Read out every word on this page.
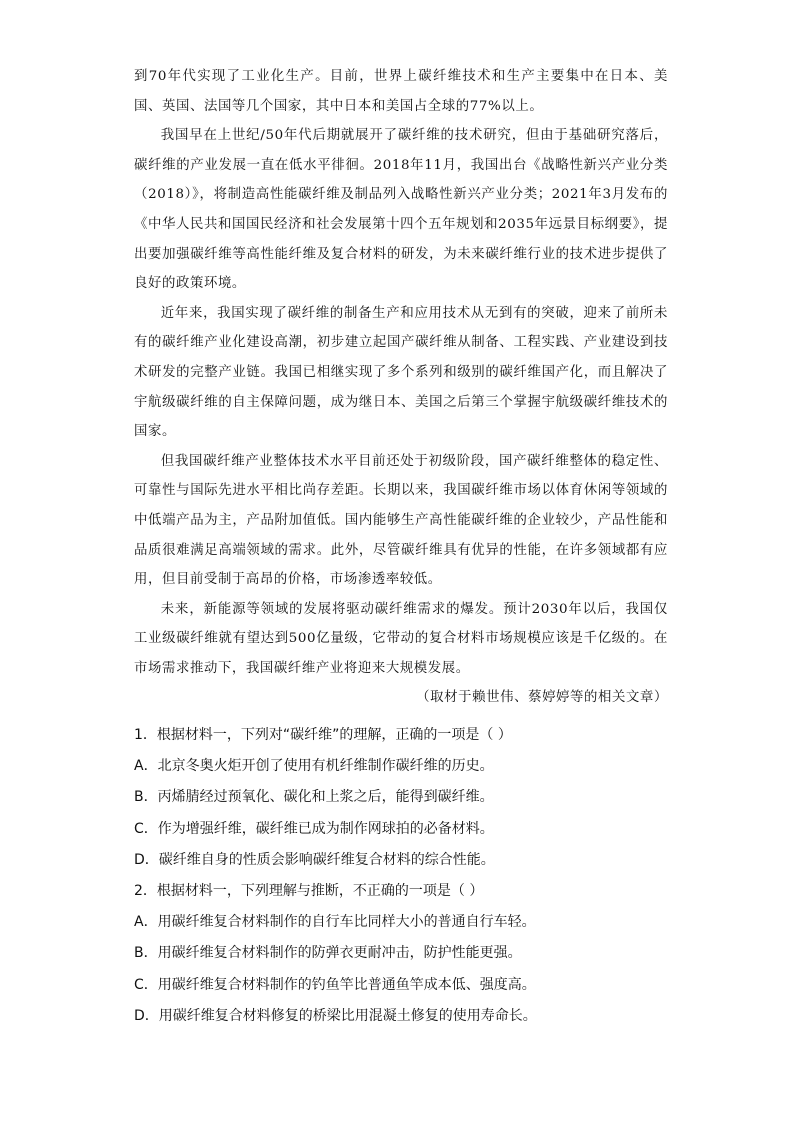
到70年代实现了工业化生产。目前，世界上碳纤维技术和生产主要集中在日本、美国、英国、法国等几个国家，其中日本和美国占全球的77%以上。

我国早在上世纪/50年代后期就展开了碳纤维的技术研究，但由于基础研究落后，碳纤维的产业发展一直在低水平徘徊。2018年11月，我国出台《战略性新兴产业分类（2018）》，将制造高性能碳纤维及制品列入战略性新兴产业分类；2021年3月发布的《中华人民共和国国民经济和社会发展第十四个五年规划和2035年远景目标纲要》，提出要加强碳纤维等高性能纤维及复合材料的研发，为未来碳纤维行业的技术进步提供了良好的政策环境。

近年来，我国实现了碳纤维的制备生产和应用技术从无到有的突破，迎来了前所未有的碳纤维产业化建设高潮，初步建立起国产碳纤维从制备、工程实践、产业建设到技术研发的完整产业链。我国已相继实现了多个系列和级别的碳纤维国产化，而且解决了宇航级碳纤维的自主保障问题，成为继日本、美国之后第三个掌握宇航级碳纤维技术的国家。

但我国碳纤维产业整体技术水平目前还处于初级阶段，国产碳纤维整体的稳定性、可靠性与国际先进水平相比尚存差距。长期以来，我国碳纤维市场以体育休闲等领域的中低端产品为主，产品附加值低。国内能够生产高性能碳纤维的企业较少，产品性能和品质很难满足高端领域的需求。此外，尽管碳纤维具有优异的性能，在许多领域都有应用，但目前受制于高昂的价格，市场渗透率较低。

未来，新能源等领域的发展将驱动碳纤维需求的爆发。预计2030年以后，我国仅工业级碳纤维就有望达到500亿量级，它带动的复合材料市场规模应该是千亿级的。在市场需求推动下，我国碳纤维产业将迎来大规模发展。

（取材于赖世伟、蔡婷婷等的相关文章）

1．根据材料一，下列对“碳纤维”的理解，正确的一项是（ ）

A．北京冬奥火炬开创了使用有机纤维制作碳纤维的历史。

B．丙烯腈经过预氧化、碳化和上浆之后，能得到碳纤维。

C．作为增强纤维，碳纤维已成为制作网球拍的必备材料。

D．碳纤维自身的性质会影响碳纤维复合材料的综合性能。

2．根据材料一，下列理解与推断，不正确的一项是（ ）

A．用碳纤维复合材料制作的自行车比同样大小的普通自行车轻。

B．用碳纤维复合材料制作的防弹衣更耐冲击，防护性能更强。

C．用碳纤维复合材料制作的钓鱼竿比普通鱼竿成本低、强度高。

D．用碳纤维复合材料修复的桥梁比用混凝土修复的使用寿命长。
